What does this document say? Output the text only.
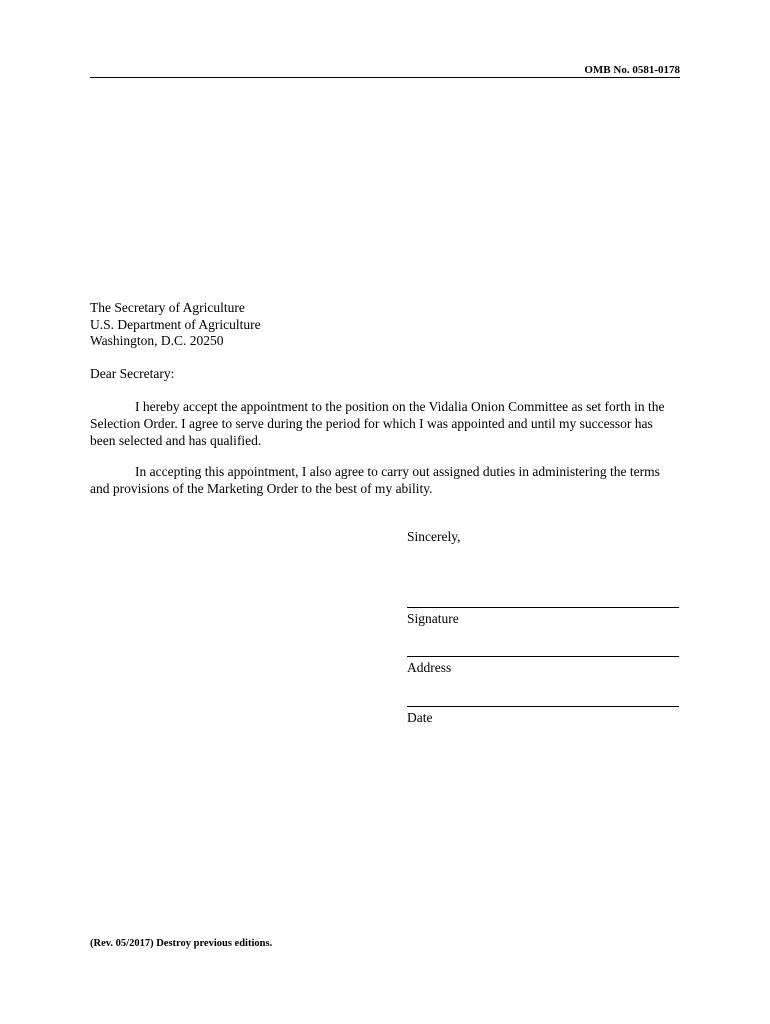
OMB No. 0581-0178
The Secretary of Agriculture
U.S. Department of Agriculture
Washington, D.C. 20250
Dear Secretary:
I hereby accept the appointment to the position on the Vidalia Onion Committee as set forth in the Selection Order. I agree to serve during the period for which I was appointed and until my successor has been selected and has qualified.
In accepting this appointment, I also agree to carry out assigned duties in administering the terms and provisions of the Marketing Order to the best of my ability.
Sincerely,
Signature
Address
Date
(Rev. 05/2017) Destroy previous editions.
